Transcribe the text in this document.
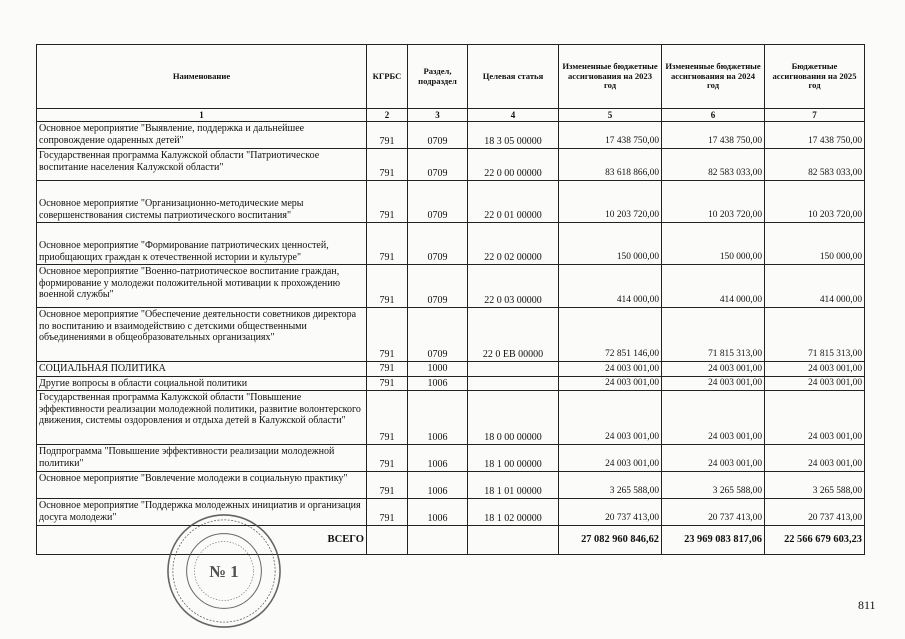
Наименование	КГРБС	Раздел, подраздел	Целевая статья	Измененные бюджетные ассигнования на 2023 год	Измененные бюджетные ассигнования на 2024 год	Бюджетные ассигнования на 2025 год
1	2	3	4	5	6	7
Основное мероприятие "Выявление, поддержка и дальнейшее сопровождение одаренных детей"	791	0709	18 3 05 00000	17 438 750,00	17 438 750,00	17 438 750,00
Государственная программа Калужской области "Патриотическое воспитание населения Калужской области"	791	0709	22 0 00 00000	83 618 866,00	82 583 033,00	82 583 033,00
Основное мероприятие "Организационно-методические меры совершенствования системы патриотического воспитания"	791	0709	22 0 01 00000	10 203 720,00	10 203 720,00	10 203 720,00
Основное мероприятие "Формирование патриотических ценностей, приобщающих граждан к отечественной истории и культуре"	791	0709	22 0 02 00000	150 000,00	150 000,00	150 000,00
Основное мероприятие "Военно-патриотическое воспитание граждан, формирование у молодежи положительной мотивации к прохождению военной службы"	791	0709	22 0 03 00000	414 000,00	414 000,00	414 000,00
Основное мероприятие "Обеспечение деятельности советников директора по воспитанию и взаимодействию с детскими общественными объединениями в общеобразовательных организациях"	791	0709	22 0 EB 00000	72 851 146,00	71 815 313,00	71 815 313,00
СОЦИАЛЬНАЯ ПОЛИТИКА	791	1000		24 003 001,00	24 003 001,00	24 003 001,00
Другие вопросы в области социальной политики	791	1006		24 003 001,00	24 003 001,00	24 003 001,00
Государственная программа Калужской области "Повышение эффективности реализации молодежной политики, развитие волонтерского движения, системы оздоровления и отдыха детей в Калужской области"	791	1006	18 0 00 00000	24 003 001,00	24 003 001,00	24 003 001,00
Подпрограмма "Повышение эффективности реализации молодежной политики"	791	1006	18 1 00 00000	24 003 001,00	24 003 001,00	24 003 001,00
Основное мероприятие "Вовлечение молодежи в социальную практику"	791	1006	18 1 01 00000	3 265 588,00	3 265 588,00	3 265 588,00
Основное мероприятие "Поддержка молодежных инициатив и организация досуга молодежи"	791	1006	18 1 02 00000	20 737 413,00	20 737 413,00	20 737 413,00
ВСЕГО				27 082 960 846,62	23 969 083 817,06	22 566 679 603,23
№ 1
811
